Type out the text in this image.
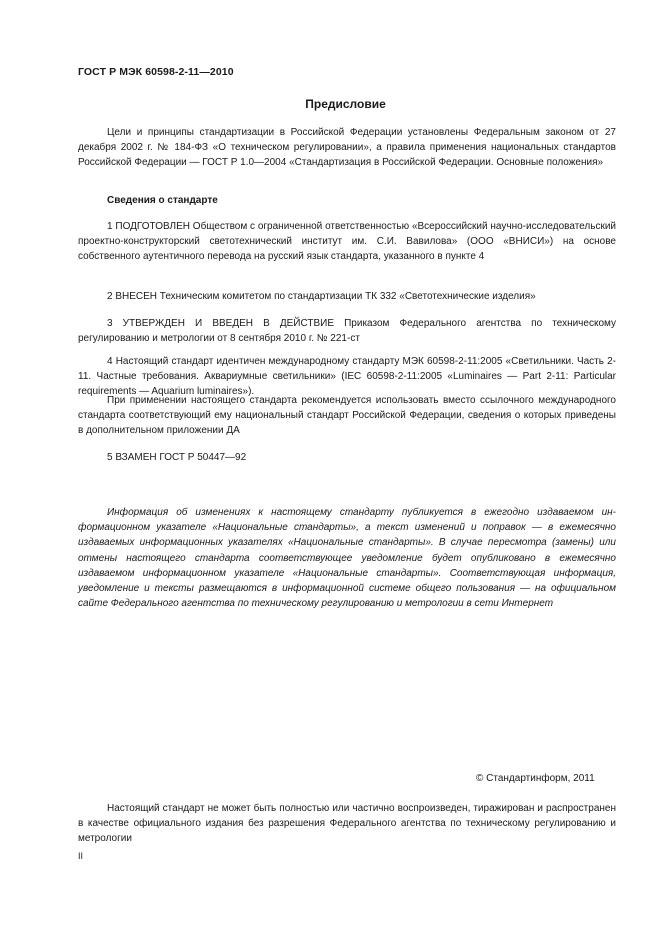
ГОСТ Р МЭК 60598-2-11—2010
Предисловие

Цели и принципы стандартизации в Российской Федерации установлены Федеральным законом от 27 декабря 2002 г. № 184-ФЗ «О техническом регулировании», а правила применения национальных стандартов Российской Федерации — ГОСТ Р 1.0—2004 «Стандартизация в Российской Федерации. Основные положения»

Сведения о стандарте

1 ПОДГОТОВЛЕН Обществом с ограниченной ответственностью «Всероссийский научно-исследовательский проектно-конструкторский светотехнический институт им. С.И. Вавилова» (ООО «ВНИСИ») на основе собственного аутентичного перевода на русский язык стандарта, указанного в пункте 4

2 ВНЕСЕН Техническим комитетом по стандартизации ТК 332 «Светотехнические изделия»

3 УТВЕРЖДЕН И ВВЕДЕН В ДЕЙСТВИЕ Приказом Федерального агентства по техническому регулированию и метрологии от 8 сентября 2010 г. № 221-ст

4 Настоящий стандарт идентичен международному стандарту МЭК 60598-2-11:2005 «Светильники. Часть 2-11. Частные требования. Аквариумные светильники» (IEC 60598-2-11:2005 «Luminaires — Part 2-11: Particular requirements — Aquarium luminaires»).

При применении настоящего стандарта рекомендуется использовать вместо ссылочного международного стандарта соответствующий ему национальный стандарт Российской Федерации, сведения о которых приведены в дополнительном приложении ДА

5 ВЗАМЕН ГОСТ Р 50447—92

Информация об изменениях к настоящему стандарту публикуется в ежегодно издаваемом информационном указателе «Национальные стандарты», а текст изменений и поправок — в ежемесячно издаваемых информационных указателях «Национальные стандарты». В случае пересмотра (замены) или отмены настоящего стандарта соответствующее уведомление будет опубликовано в ежемесячно издаваемом информационном указателе «Национальные стандарты». Соответствующая информация, уведомление и тексты размещаются в информационной системе общего пользования — на официальном сайте Федерального агентства по техническому регулированию и метрологии в сети Интернет

© Стандартинформ, 2011

Настоящий стандарт не может быть полностью или частично воспроизведен, тиражирован и распространен в качестве официального издания без разрешения Федерального агентства по техническому регулированию и метрологии

II
